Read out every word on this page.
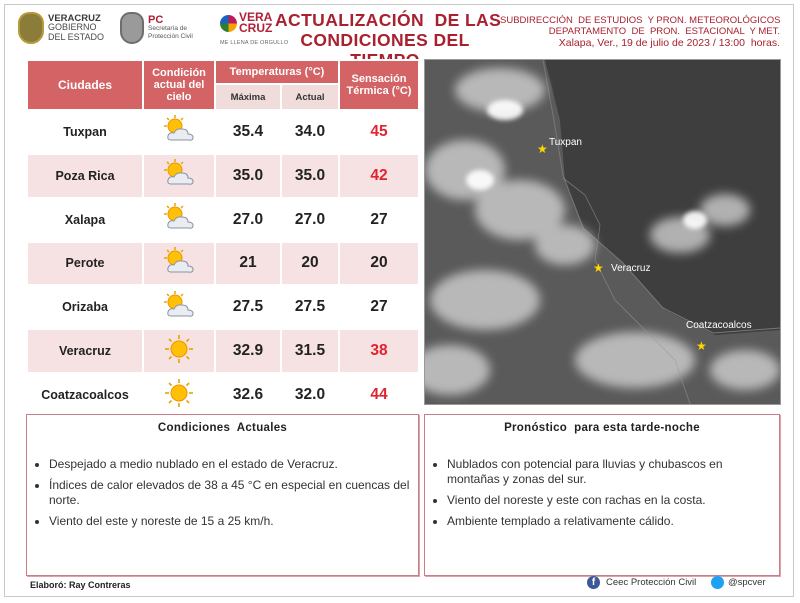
VERACRUZ
GOBIERNO
DEL ESTADO
PC
Secretaría de
Protección Civil
VERA
CRUZ
ME LLENA DE ORGULLO
ACTUALIZACIÓN  DE LAS
CONDICIONES DEL
SUBDIRECCIÓN  DE ESTUDIOS  Y PRON. METEOROLÓGICOS
DEPARTAMENTO  DE  PRON.  ESTACIONAL  Y MET.
Xalapa, Ver., 19 de julio de 2023 / 13:00  horas.
Ciudades	Condición actual del cielo	Temperaturas (°C)		Sensación Térmica (°C)
		Máxima	Actual	
Tuxpan		35.4	34.0	45
Poza Rica		35.0	35.0	42
Xalapa		27.0	27.0	27
Perote		21	20	20
Orizaba		27.5	27.5	27
Veracruz		32.9	31.5	38
Coatzacoalcos		32.6	32.0	44
★ Tuxpan
★ Veracruz
★
Coatzacoalcos
Condiciones  Actuales
• Despejado a medio nublado en el estado de Veracruz.
• Índices de calor elevados de 38 a 45 °C en especial en cuencas del norte.
• Viento del este y noreste de 15 a 25 km/h.
Pronóstico  para esta tarde-noche
• Nublados con potencial para lluvias y chubascos en montañas y zonas del sur.
• Viento del noreste y este con rachas en la costa.
• Ambiente templado a relativamente cálido.
Elaboró: Ray Contreras	f	Ceec Protección Civil	@spcver
